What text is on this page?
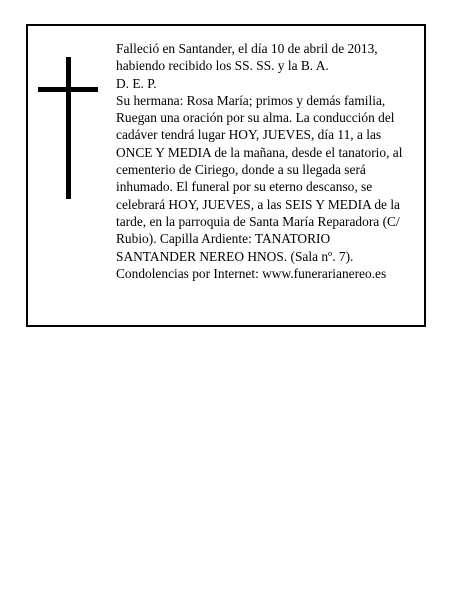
Falleció en Santander, el día 10 de abril de 2013,
habiendo recibido los SS. SS. y la B. A.
D. E. P.
Su hermana: Rosa María; primos y demás familia,
Ruegan una oración por su alma. La conducción del
cadáver tendrá lugar HOY, JUEVES, día 11, a las
ONCE Y MEDIA de la mañana, desde el tanatorio, al
cementerio de Ciriego, donde a su llegada será
inhumado. El funeral por su eterno descanso, se
celebrará HOY, JUEVES, a las SEIS Y MEDIA de la
tarde, en la parroquia de Santa María Reparadora (C/
Rubio). Capilla Ardiente: TANATORIO
SANTANDER NEREO HNOS. (Sala nº. 7).
Condolencias por Internet: www.funerarianereo.es
